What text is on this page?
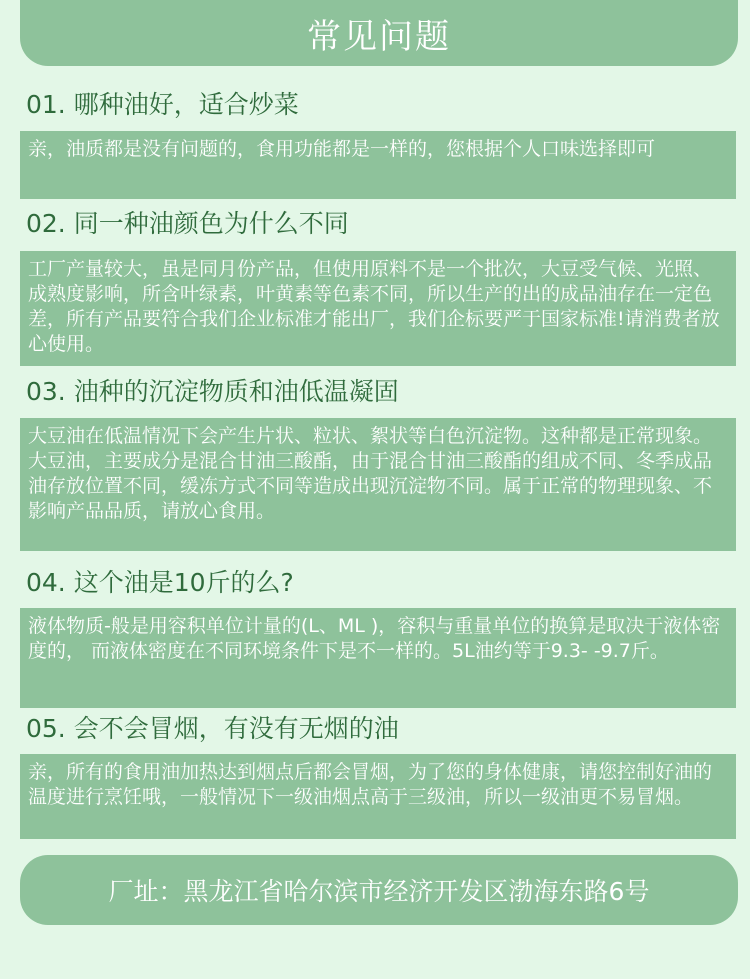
常见问题
01. 哪种油好，适合炒菜

亲，油质都是没有问题的，食用功能都是一样的，您根据个人口味选择即可

02. 同一种油颜色为什么不同

工厂产量较大，虽是同月份产品，但使用原料不是一个批次，大豆受气候、光照、成熟度影响，所含叶绿素，叶黄素等色素不同，所以生产的出的成品油存在一定色差，所有产品要符合我们企业标准才能出厂，我们企标要严于国家标准!请消费者放心使用。

03. 油种的沉淀物质和油低温凝固

大豆油在低温情况下会产生片状、粒状、絮状等白色沉淀物。这种都是正常现象。大豆油，主要成分是混合甘油三酸酯，由于混合甘油三酸酯的组成不同、冬季成品油存放位置不同，缓冻方式不同等造成出现沉淀物不同。属于正常的物理现象、不影响产品品质，请放心食用。

04. 这个油是10斤的么?

液体物质-般是用容积单位计量的(L、ML )，容积与重量单位的换算是取决于液体密度的， 而液体密度在不同环境条件下是不一样的。5L油约等于9.3- -9.7斤。

05. 会不会冒烟，有没有无烟的油

亲，所有的食用油加热达到烟点后都会冒烟，为了您的身体健康，请您控制好油的温度进行烹饪哦，一般情况下一级油烟点高于三级油，所以一级油更不易冒烟。

厂址：黑龙江省哈尔滨市经济开发区渤海东路6号
